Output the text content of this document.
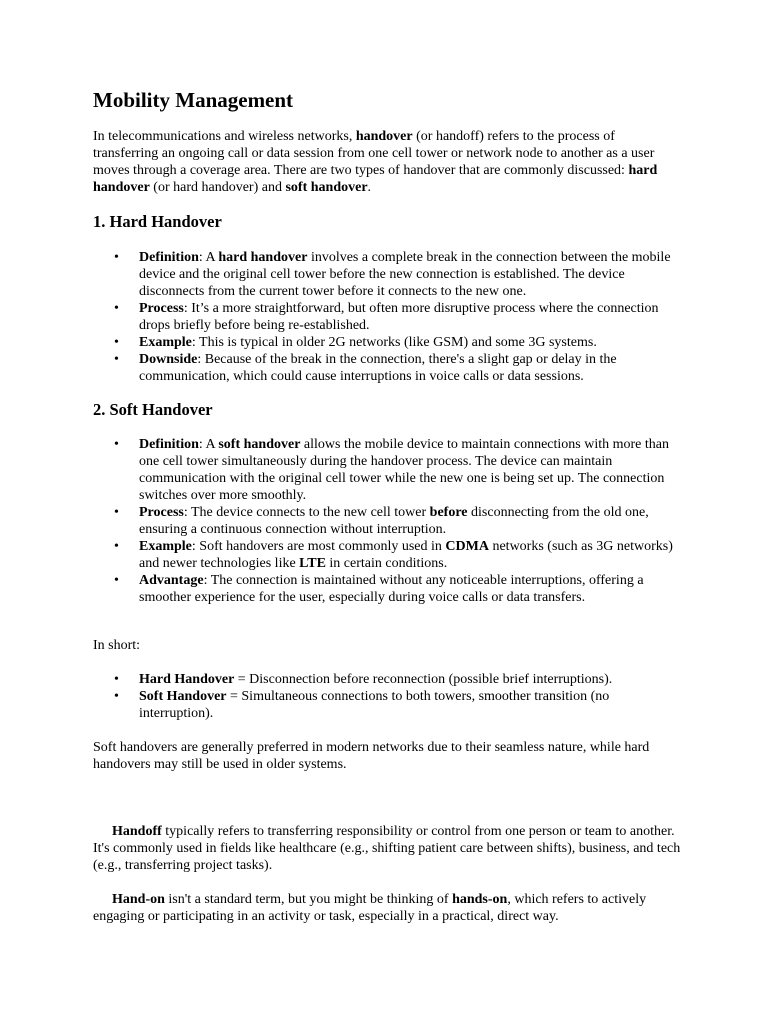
Mobility Management

In telecommunications and wireless networks, handover (or handoff) refers to the process of transferring an ongoing call or data session from one cell tower or network node to another as a user moves through a coverage area. There are two types of handover that are commonly discussed: hard handover (or hard handover) and soft handover.

1. Hard Handover
• Definition: A hard handover involves a complete break in the connection between the mobile device and the original cell tower before the new connection is established. The device disconnects from the current tower before it connects to the new one.
• Process: It’s a more straightforward, but often more disruptive process where the connection drops briefly before being re-established.
• Example: This is typical in older 2G networks (like GSM) and some 3G systems.
• Downside: Because of the break in the connection, there's a slight gap or delay in the communication, which could cause interruptions in voice calls or data sessions.
2. Soft Handover
• Definition: A soft handover allows the mobile device to maintain connections with more than one cell tower simultaneously during the handover process. The device can maintain communication with the original cell tower while the new one is being set up. The connection switches over more smoothly.
• Process: The device connects to the new cell tower before disconnecting from the old one, ensuring a continuous connection without interruption.
• Example: Soft handovers are most commonly used in CDMA networks (such as 3G networks) and newer technologies like LTE in certain conditions.
• Advantage: The connection is maintained without any noticeable interruptions, offering a smoother experience for the user, especially during voice calls or data transfers.

In short:

• Hard Handover = Disconnection before reconnection (possible brief interruptions).
• Soft Handover = Simultaneous connections to both towers, smoother transition (no interruption).

Soft handovers are generally preferred in modern networks due to their seamless nature, while hard handovers may still be used in older systems.

Handoff typically refers to transferring responsibility or control from one person or team to another. It's commonly used in fields like healthcare (e.g., shifting patient care between shifts), business, and tech (e.g., transferring project tasks).

Hand-on isn't a standard term, but you might be thinking of hands-on, which refers to actively engaging or participating in an activity or task, especially in a practical, direct way.
